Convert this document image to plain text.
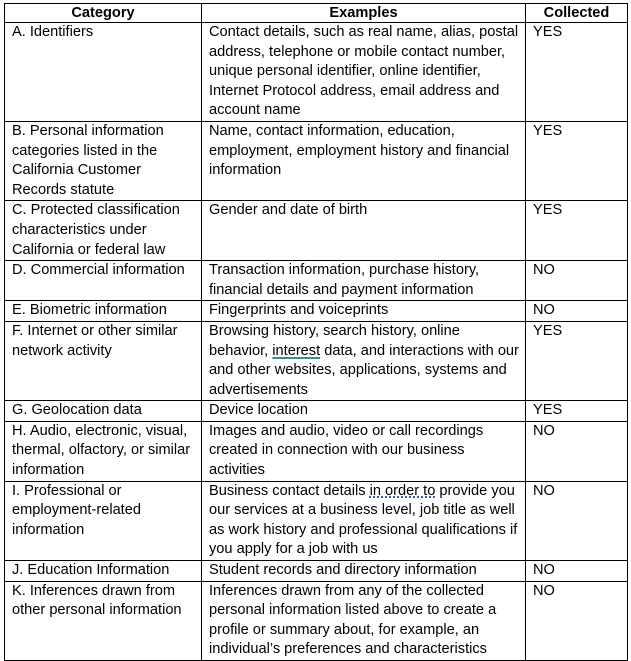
Category	Examples	Collected
A. Identifiers	Contact details, such as real name, alias, postal address, telephone or mobile contact number, unique personal identifier, online identifier, Internet Protocol address, email address and account name	YES
B. Personal information categories listed in the California Customer Records statute	Name, contact information, education, employment, employment history and financial information	YES
C. Protected classification characteristics under California or federal law	Gender and date of birth	YES
D. Commercial information	Transaction information, purchase history, financial details and payment information	NO
E. Biometric information	Fingerprints and voiceprints	NO
F. Internet or other similar network activity	Browsing history, search history, online behavior, interest data, and interactions with our and other websites, applications, systems and advertisements	YES
G. Geolocation data	Device location	YES
H. Audio, electronic, visual, thermal, olfactory, or similar information	Images and audio, video or call recordings created in connection with our business activities	NO
I. Professional or employment-related information	Business contact details in order to provide you our services at a business level, job title as well as work history and professional qualifications if you apply for a job with us	NO
J. Education Information	Student records and directory information	NO
K. Inferences drawn from other personal information	Inferences drawn from any of the collected personal information listed above to create a profile or summary about, for example, an individual’s preferences and characteristics	NO
